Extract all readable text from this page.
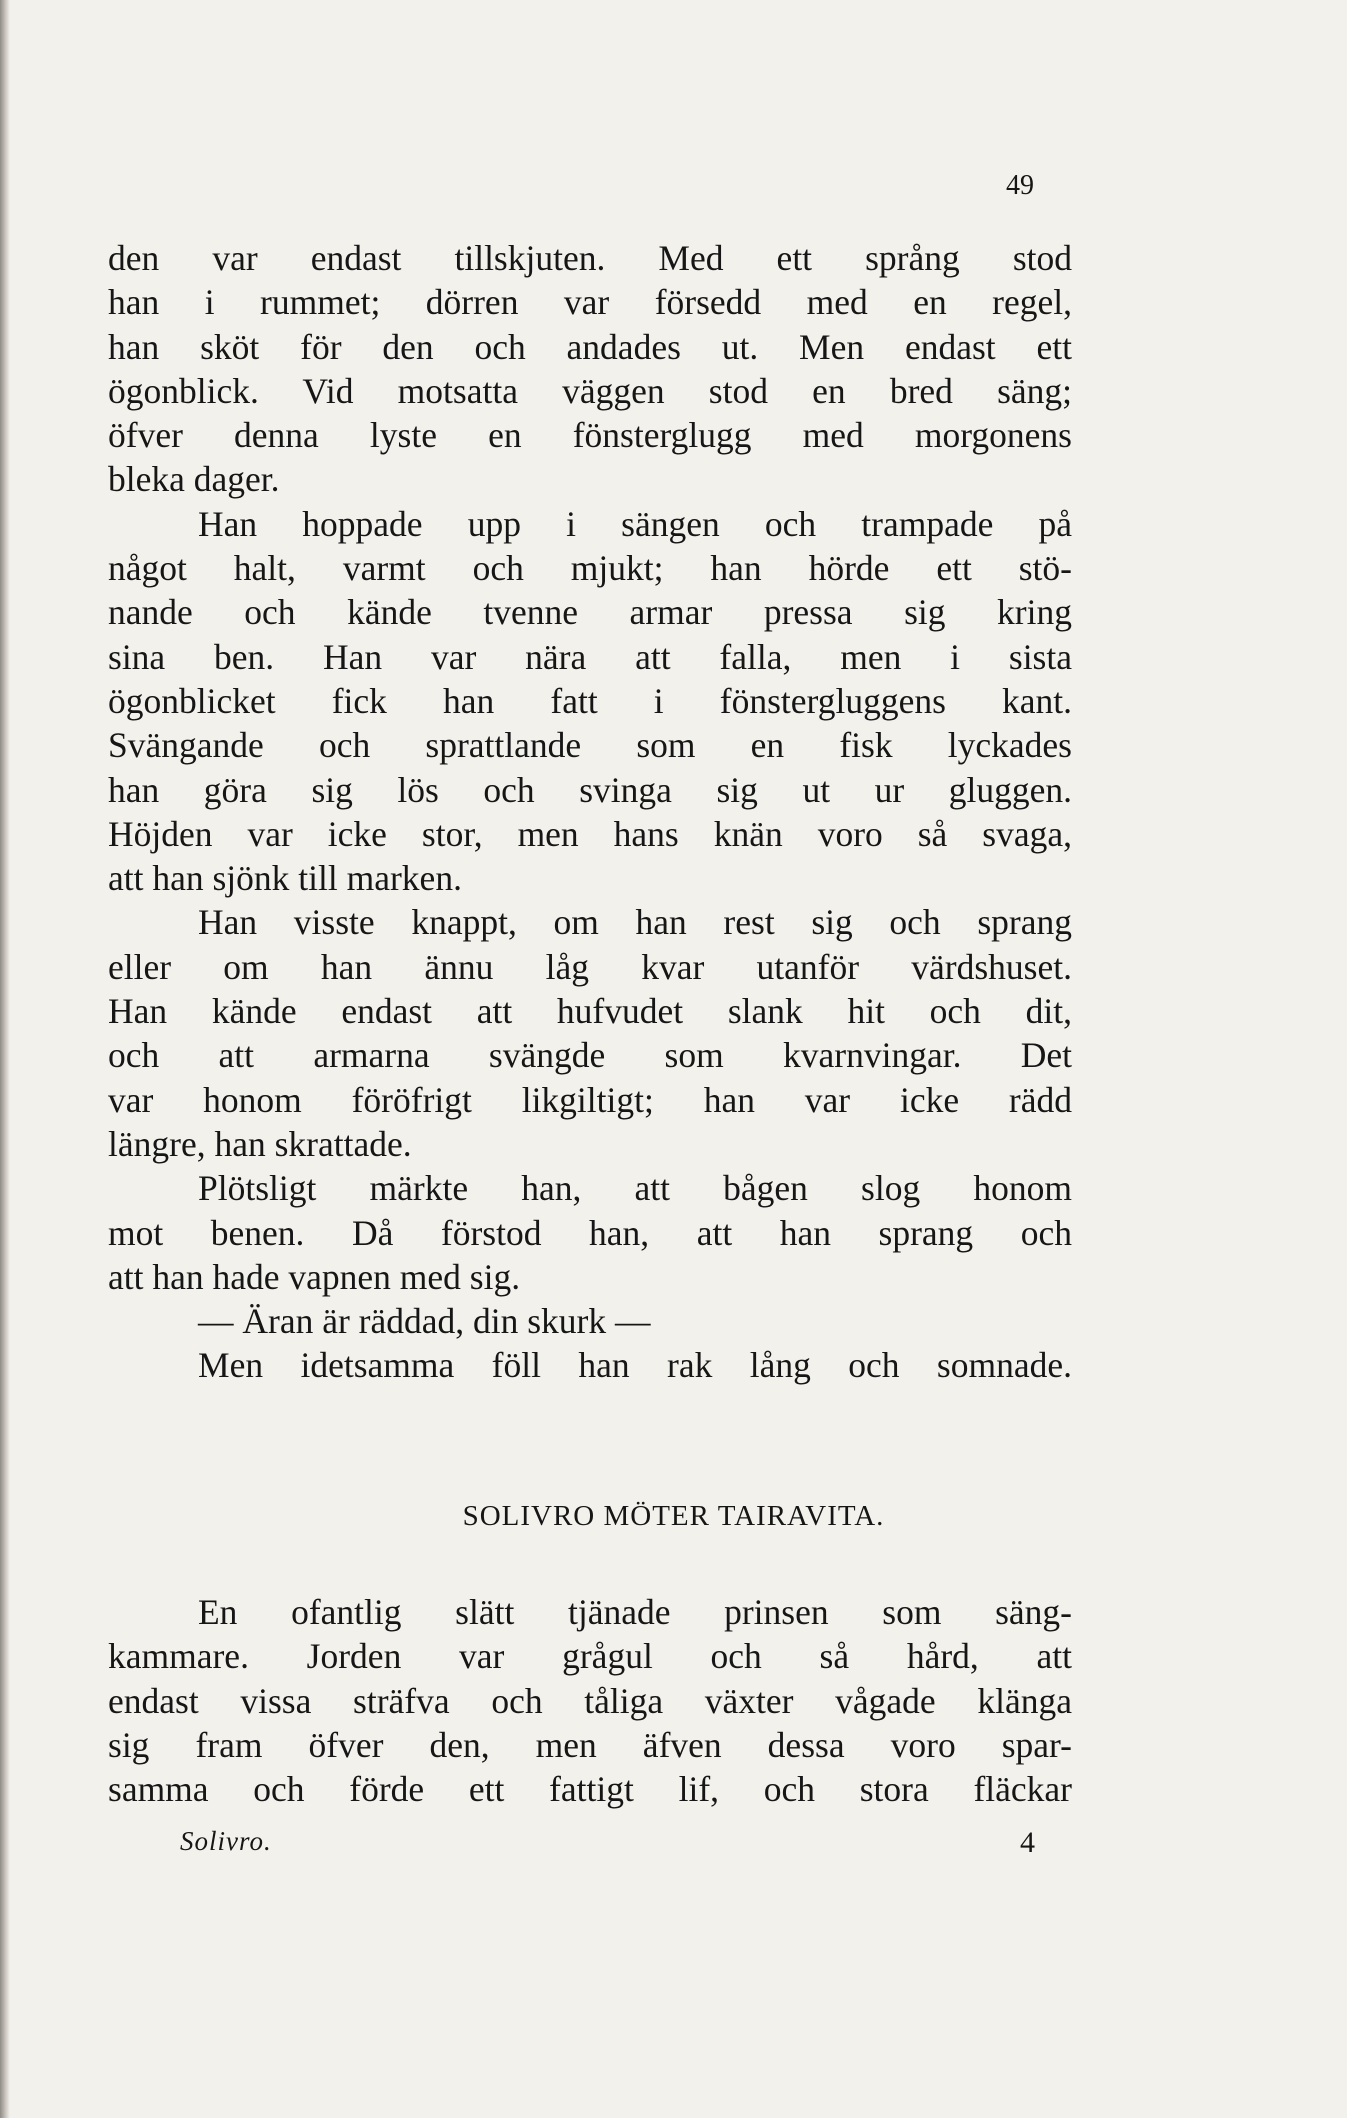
49
den var endast tillskjuten. Med ett språng stod
han i rummet; dörren var försedd med en regel,
han sköt för den och andades ut. Men endast ett
ögonblick. Vid motsatta väggen stod en bred säng;
öfver denna lyste en fönsterglugg med morgonens
bleka dager.
Han hoppade upp i sängen och trampade på
något halt, varmt och mjukt; han hörde ett stö-
nande och kände tvenne armar pressa sig kring
sina ben. Han var nära att falla, men i sista
ögonblicket fick han fatt i fönstergluggens kant.
Svängande och sprattlande som en fisk lyckades
han göra sig lös och svinga sig ut ur gluggen.
Höjden var icke stor, men hans knän voro så svaga,
att han sjönk till marken.
Han visste knappt, om han rest sig och sprang
eller om han ännu låg kvar utanför värdshuset.
Han kände endast att hufvudet slank hit och dit,
och att armarna svängde som kvarnvingar. Det
var honom föröfrigt likgiltigt; han var icke rädd
längre, han skrattade.
Plötsligt märkte han, att bågen slog honom
mot benen. Då förstod han, att han sprang och
att han hade vapnen med sig.
— Äran är räddad, din skurk —
Men idetsamma föll han rak lång och somnade.
SOLIVRO MÖTER TAIRAVITA.
En ofantlig slätt tjänade prinsen som säng-
kammare. Jorden var grågul och så hård, att
endast vissa sträfva och tåliga växter vågade klänga
sig fram öfver den, men äfven dessa voro spar-
samma och förde ett fattigt lif, och stora fläckar
Solivro.	4
